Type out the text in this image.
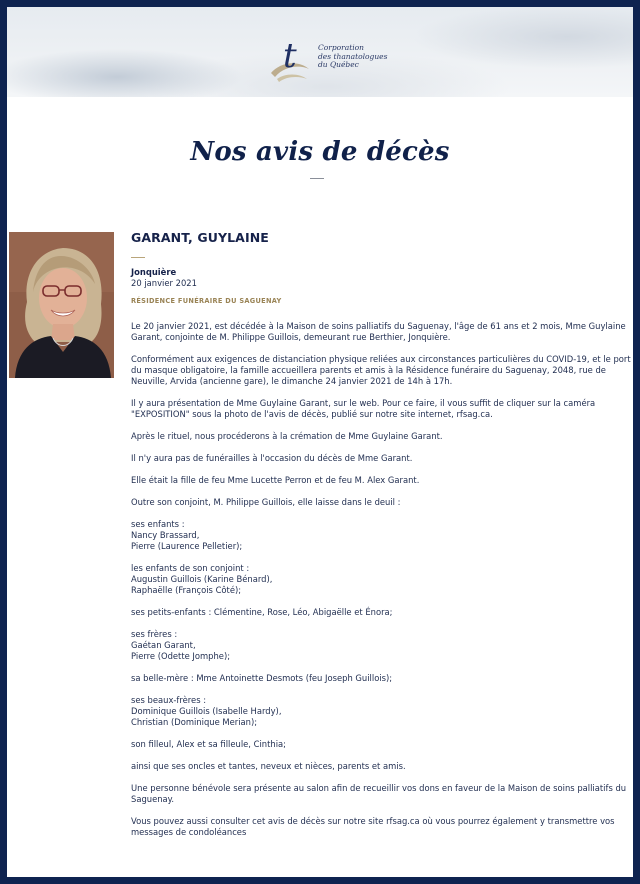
t	Corporation
des thanatologues
du Québec
Nos avis de décès
GARANT, GUYLAINE
Jonquière
20 janvier 2021
RÉSIDENCE FUNÉRAIRE DU SAGUENAY

Le 20 janvier 2021, est décédée à la Maison de soins palliatifs du Saguenay, l'âge de 61 ans et 2 mois, Mme Guylaine Garant, conjointe de M. Philippe Guillois, demeurant rue Berthier, Jonquière.

Conformément aux exigences de distanciation physique reliées aux circonstances particulières du COVID-19, et le port du masque obligatoire, la famille accueillera parents et amis à la Résidence funéraire du Saguenay, 2048, rue de Neuville, Arvida (ancienne gare), le dimanche 24 janvier 2021 de 14h à 17h.

Il y aura présentation de Mme Guylaine Garant, sur le web. Pour ce faire, il vous suffit de cliquer sur la caméra "EXPOSITION" sous la photo de l'avis de décès, publié sur notre site internet, rfsag.ca.

Après le rituel, nous procéderons à la crémation de Mme Guylaine Garant.

Il n'y aura pas de funérailles à l'occasion du décès de Mme Garant.

Elle était la fille de feu Mme Lucette Perron et de feu M. Alex Garant.

Outre son conjoint, M. Philippe Guillois, elle laisse dans le deuil :

ses enfants :
Nancy Brassard,
Pierre (Laurence Pelletier);

les enfants de son conjoint :
Augustin Guillois (Karine Bénard),
Raphaëlle (François Côté);

ses petits-enfants : Clémentine, Rose, Léo, Abigaëlle et Énora;

ses frères :
Gaétan Garant,
Pierre (Odette Jomphe);

sa belle-mère : Mme Antoinette Desmots (feu Joseph Guillois);

ses beaux-frères :
Dominique Guillois (Isabelle Hardy),
Christian (Dominique Merian);

son filleul, Alex et sa filleule, Cinthia;

ainsi que ses oncles et tantes, neveux et nièces, parents et amis.

Une personne bénévole sera présente au salon afin de recueillir vos dons en faveur de la Maison de soins palliatifs du Saguenay.

Vous pouvez aussi consulter cet avis de décès sur notre site rfsag.ca où vous pourrez également y transmettre vos messages de condoléances
